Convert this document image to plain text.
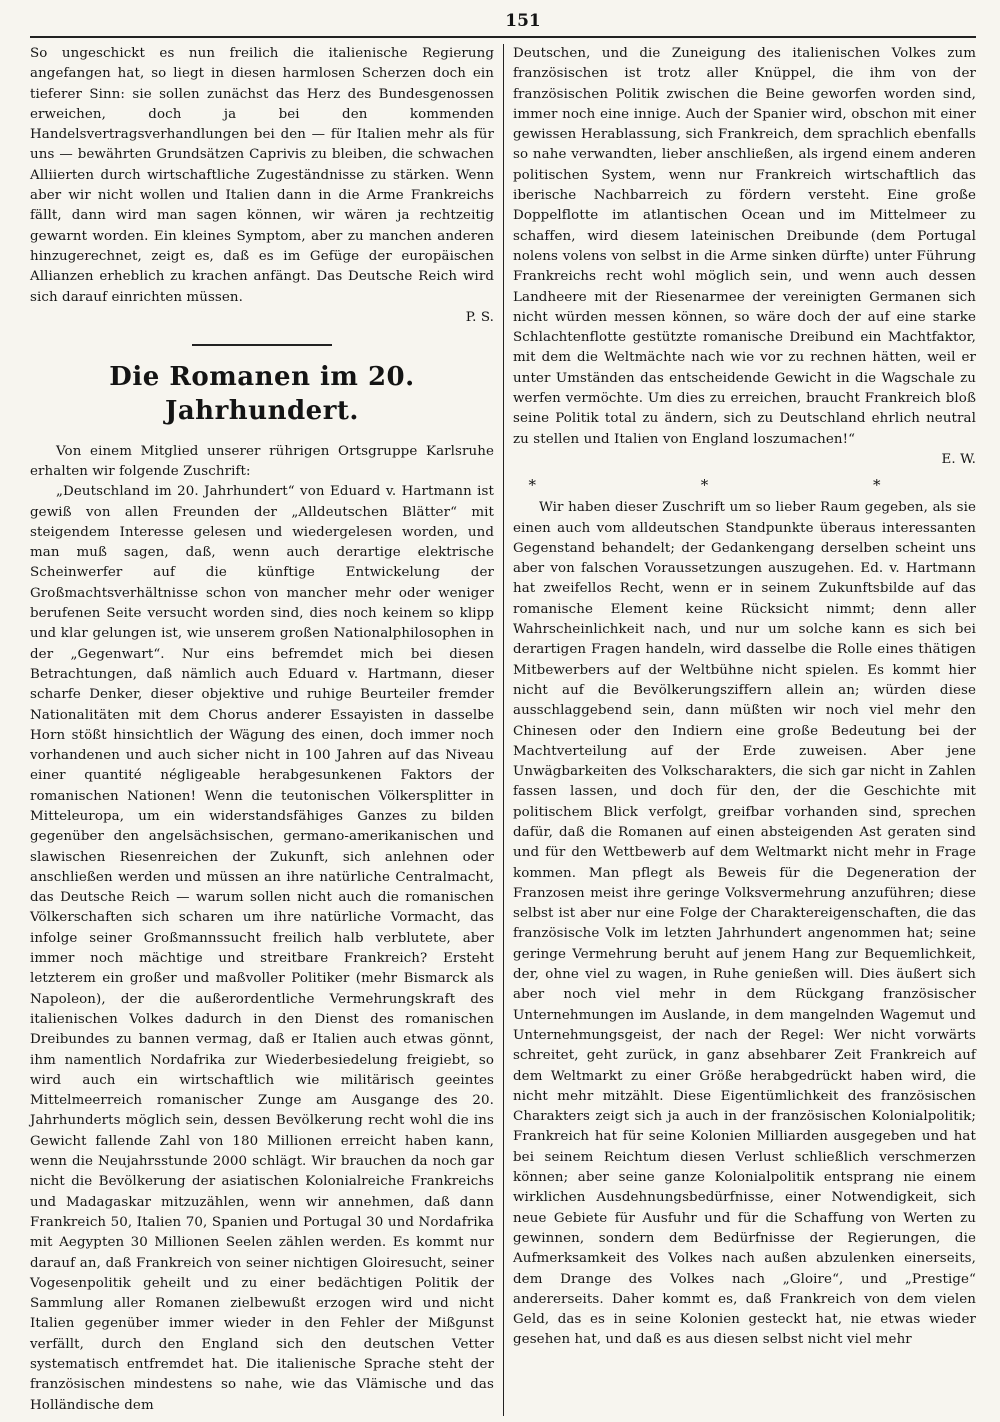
151

So ungeschickt es nun freilich die italienische Regierung angefangen hat, so liegt in diesen harmlosen Scherzen doch ein tieferer Sinn: sie sollen zunächst das Herz des Bundesgenossen erweichen, doch ja bei den kommenden Handelsvertragsverhandlungen bei den — für Italien mehr als für uns — bewährten Grundsätzen Caprivis zu bleiben, die schwachen Alliierten durch wirtschaftliche Zugeständnisse zu stärken. Wenn aber wir nicht wollen und Italien dann in die Arme Frankreichs fällt, dann wird man sagen können, wir wären ja rechtzeitig gewarnt worden. Ein kleines Symptom, aber zu manchen anderen hinzugerechnet, zeigt es, daß es im Gefüge der europäischen Allianzen erheblich zu krachen anfängt. Das Deutsche Reich wird sich darauf einrichten müssen.

P. S.

Die Romanen im 20. Jahrhundert.

Von einem Mitglied unserer rührigen Ortsgruppe Karlsruhe erhalten wir folgende Zuschrift:

„Deutschland im 20. Jahrhundert“ von Eduard v. Hartmann ist gewiß von allen Freunden der „Alldeutschen Blätter“ mit steigendem Interesse gelesen und wiedergelesen worden, und man muß sagen, daß, wenn auch derartige elektrische Scheinwerfer auf die künftige Entwickelung der Großmachtsverhältnisse schon von mancher mehr oder weniger berufenen Seite versucht worden sind, dies noch keinem so klipp und klar gelungen ist, wie unserem großen Nationalphilosophen in der „Gegenwart“. Nur eins befremdet mich bei diesen Betrachtungen, daß nämlich auch Eduard v. Hartmann, dieser scharfe Denker, dieser objektive und ruhige Beurteiler fremder Nationalitäten mit dem Chorus anderer Essayisten in dasselbe Horn stößt hinsichtlich der Wägung des einen, doch immer noch vorhandenen und auch sicher nicht in 100 Jahren auf das Niveau einer quantité négligeable herabgesunkenen Faktors der romanischen Nationen! Wenn die teutonischen Völkersplitter in Mitteleuropa, um ein widerstandsfähiges Ganzes zu bilden gegenüber den angelsächsischen, germano-amerikanischen und slawischen Riesenreichen der Zukunft, sich anlehnen oder anschließen werden und müssen an ihre natürliche Centralmacht, das Deutsche Reich — warum sollen nicht auch die romanischen Völkerschaften sich scharen um ihre natürliche Vormacht, das infolge seiner Großmannssucht freilich halb verblutete, aber immer noch mächtige und streitbare Frankreich? Ersteht letzterem ein großer und maßvoller Politiker (mehr Bismarck als Napoleon), der die außerordentliche Vermehrungskraft des italienischen Volkes dadurch in den Dienst des romanischen Dreibundes zu bannen vermag, daß er Italien auch etwas gönnt, ihm namentlich Nordafrika zur Wiederbesiedelung freigiebt, so wird auch ein wirtschaftlich wie militärisch geeintes Mittelmeerreich romanischer Zunge am Ausgange des 20. Jahrhunderts möglich sein, dessen Bevölkerung recht wohl die ins Gewicht fallende Zahl von 180 Millionen erreicht haben kann, wenn die Neujahrsstunde 2000 schlägt. Wir brauchen da noch gar nicht die Bevölkerung der asiatischen Kolonialreiche Frankreichs und Madagaskar mitzuzählen, wenn wir annehmen, daß dann Frankreich 50, Italien 70, Spanien und Portugal 30 und Nordafrika mit Aegypten 30 Millionen Seelen zählen werden. Es kommt nur darauf an, daß Frankreich von seiner nichtigen Gloiresucht, seiner Vogesenpolitik geheilt und zu einer bedächtigen Politik der Sammlung aller Romanen zielbewußt erzogen wird und nicht Italien gegenüber immer wieder in den Fehler der Mißgunst verfällt, durch den England sich den deutschen Vetter systematisch entfremdet hat. Die italienische Sprache steht der französischen mindestens so nahe, wie das Vlämische und das Holländische dem

Deutschen, und die Zuneigung des italienischen Volkes zum französischen ist trotz aller Knüppel, die ihm von der französischen Politik zwischen die Beine geworfen worden sind, immer noch eine innige. Auch der Spanier wird, obschon mit einer gewissen Herablassung, sich Frankreich, dem sprachlich ebenfalls so nahe verwandten, lieber anschließen, als irgend einem anderen politischen System, wenn nur Frankreich wirtschaftlich das iberische Nachbarreich zu fördern versteht. Eine große Doppelflotte im atlantischen Ocean und im Mittelmeer zu schaffen, wird diesem lateinischen Dreibunde (dem Portugal nolens volens von selbst in die Arme sinken dürfte) unter Führung Frankreichs recht wohl möglich sein, und wenn auch dessen Landheere mit der Riesenarmee der vereinigten Germanen sich nicht würden messen können, so wäre doch der auf eine starke Schlachtenflotte gestützte romanische Dreibund ein Machtfaktor, mit dem die Weltmächte nach wie vor zu rechnen hätten, weil er unter Umständen das entscheidende Gewicht in die Wagschale zu werfen vermöchte. Um dies zu erreichen, braucht Frankreich bloß seine Politik total zu ändern, sich zu Deutschland ehrlich neutral zu stellen und Italien von England loszumachen!“

E. W.

* * *

Wir haben dieser Zuschrift um so lieber Raum gegeben, als sie einen auch vom alldeutschen Standpunkte überaus interessanten Gegenstand behandelt; der Gedankengang derselben scheint uns aber von falschen Voraussetzungen auszugehen. Ed. v. Hartmann hat zweifellos Recht, wenn er in seinem Zukunftsbilde auf das romanische Element keine Rücksicht nimmt; denn aller Wahrscheinlichkeit nach, und nur um solche kann es sich bei derartigen Fragen handeln, wird dasselbe die Rolle eines thätigen Mitbewerbers auf der Weltbühne nicht spielen. Es kommt hier nicht auf die Bevölkerungsziffern allein an; würden diese ausschlaggebend sein, dann müßten wir noch viel mehr den Chinesen oder den Indiern eine große Bedeutung bei der Machtverteilung auf der Erde zuweisen. Aber jene Unwägbarkeiten des Volkscharakters, die sich gar nicht in Zahlen fassen lassen, und doch für den, der die Geschichte mit politischem Blick verfolgt, greifbar vorhanden sind, sprechen dafür, daß die Romanen auf einen absteigenden Ast geraten sind und für den Wettbewerb auf dem Weltmarkt nicht mehr in Frage kommen. Man pflegt als Beweis für die Degeneration der Franzosen meist ihre geringe Volksvermehrung anzuführen; diese selbst ist aber nur eine Folge der Charaktereigenschaften, die das französische Volk im letzten Jahrhundert angenommen hat; seine geringe Vermehrung beruht auf jenem Hang zur Bequemlichkeit, der, ohne viel zu wagen, in Ruhe genießen will. Dies äußert sich aber noch viel mehr in dem Rückgang französischer Unternehmungen im Auslande, in dem mangelnden Wagemut und Unternehmungsgeist, der nach der Regel: Wer nicht vorwärts schreitet, geht zurück, in ganz absehbarer Zeit Frankreich auf dem Weltmarkt zu einer Größe herabgedrückt haben wird, die nicht mehr mitzählt. Diese Eigentümlichkeit des französischen Charakters zeigt sich ja auch in der französischen Kolonialpolitik; Frankreich hat für seine Kolonien Milliarden ausgegeben und hat bei seinem Reichtum diesen Verlust schließlich verschmerzen können; aber seine ganze Kolonialpolitik entsprang nie einem wirklichen Ausdehnungsbedürfnisse, einer Notwendigkeit, sich neue Gebiete für Ausfuhr und für die Schaffung von Werten zu gewinnen, sondern dem Bedürfnisse der Regierungen, die Aufmerksamkeit des Volkes nach außen abzulenken einerseits, dem Drange des Volkes nach „Gloire“, und „Prestige“ andererseits. Daher kommt es, daß Frankreich von dem vielen Geld, das es in seine Kolonien gesteckt hat, nie etwas wieder gesehen hat, und daß es aus diesen selbst nicht viel mehr
